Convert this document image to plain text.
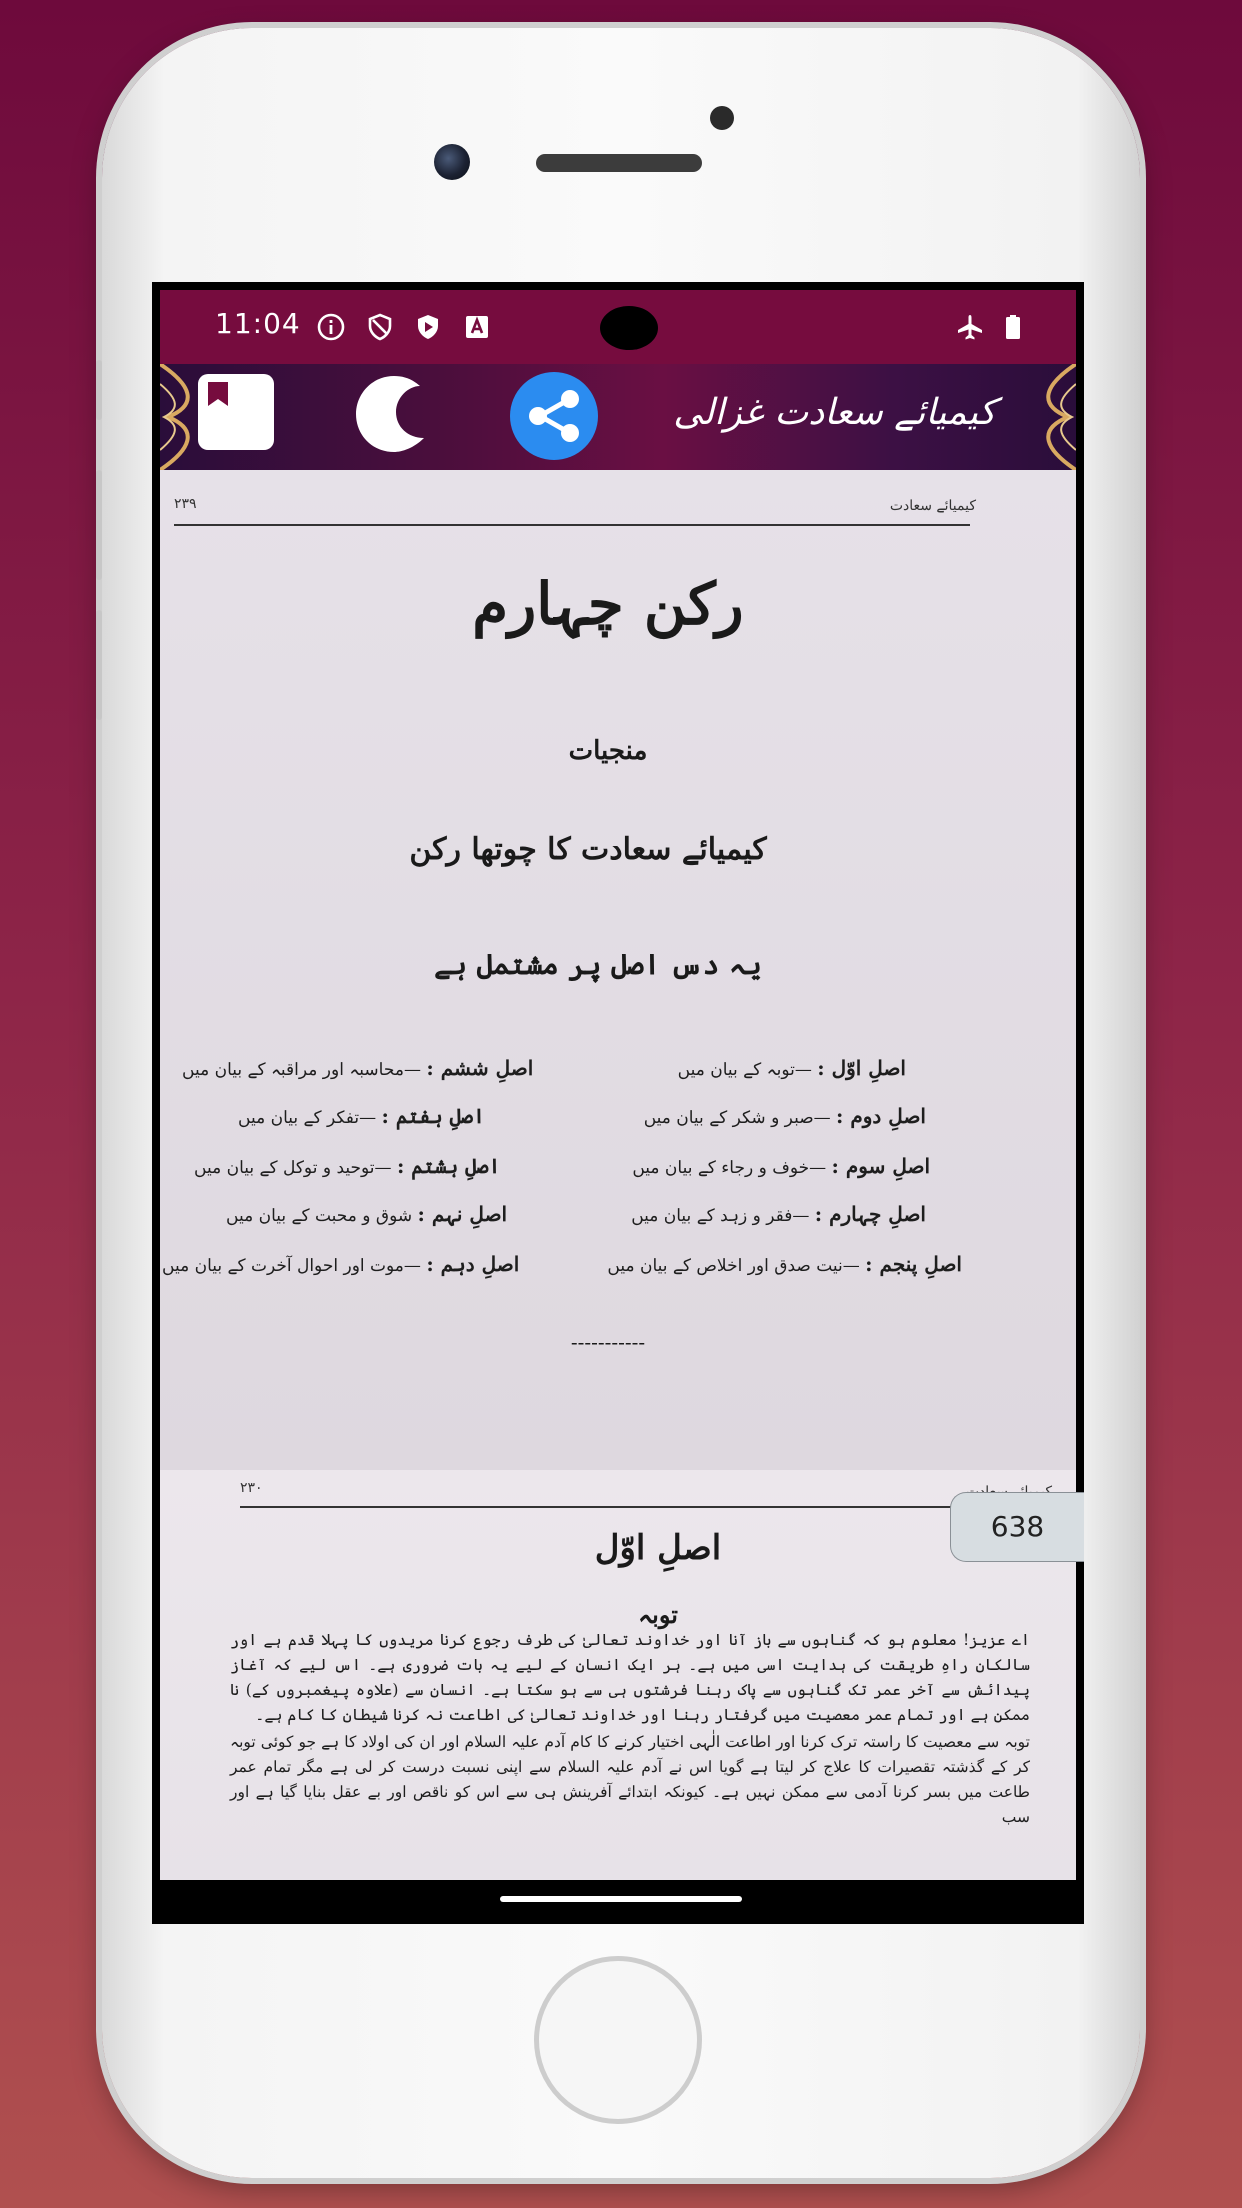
11:04
کیمیائے سعادت غزالی
کیمیائے سعادت
۲۳۹
رکن چہارم
منجیات
کیمیائے سعادت کا چوتھا رکن
یہ دس اصل پر مشتمل ہے
اصلِ اوّل : —توبہ کے بیان میں
اصلِ دوم : —صبر و شکر کے بیان میں
اصلِ سوم : —خوف و رجاء کے بیان میں
اصلِ چہارم : —فقر و زہد کے بیان میں
اصلِ پنجم : —نیت صدق اور اخلاص کے بیان میں
اصلِ ششم : —محاسبہ اور مراقبہ کے بیان میں
اصلِ ہفتم : —تفکر کے بیان میں
اصلِ ہشتم : —توحید و توکل کے بیان میں
اصلِ نہم : شوق و محبت کے بیان میں
اصلِ دہم : —موت اور احوال آخرت کے بیان میں
-----------
۲۳۰
اصلِ اوّل
توبہ

اے عزیز! معلوم ہو کہ گناہوں سے باز آنا اور خداوند تعالیٰ کی طرف رجوع کرنا مریدوں کا پہلا قدم ہے اور سالکان راہِ طریقت کی ہدایت اسی میں ہے۔ ہر ایک انسان کے لیے یہ بات ضروری ہے۔ اس لیے کہ آغاز پیدائش سے آخر عمر تک گناہوں سے پاک رہنا فرشتوں ہی سے ہو سکتا ہے۔ انسان سے (علاوہ پیغمبروں کے) نا ممکن ہے اور تمام عمر معصیت میں گرفتار رہنا اور خداوند تعالیٰ کی اطاعت نہ کرنا شیطان کا کام ہے۔

توبہ سے معصیت کا راستہ ترک کرنا اور اطاعت الٰہی اختیار کرنے کا کام آدم علیہ السلام اور ان کی اولاد کا ہے جو کوئی توبہ کر کے گذشتہ تقصیرات کا علاج کر لیتا ہے گویا اس نے آدم علیہ السلام سے اپنی نسبت درست کر لی ہے مگر تمام عمر طاعت میں بسر کرنا آدمی سے ممکن نہیں ہے۔ کیونکہ ابتدائے آفرینش ہی سے اس کو ناقص اور بے عقل بنایا گیا ہے اور سب

638
